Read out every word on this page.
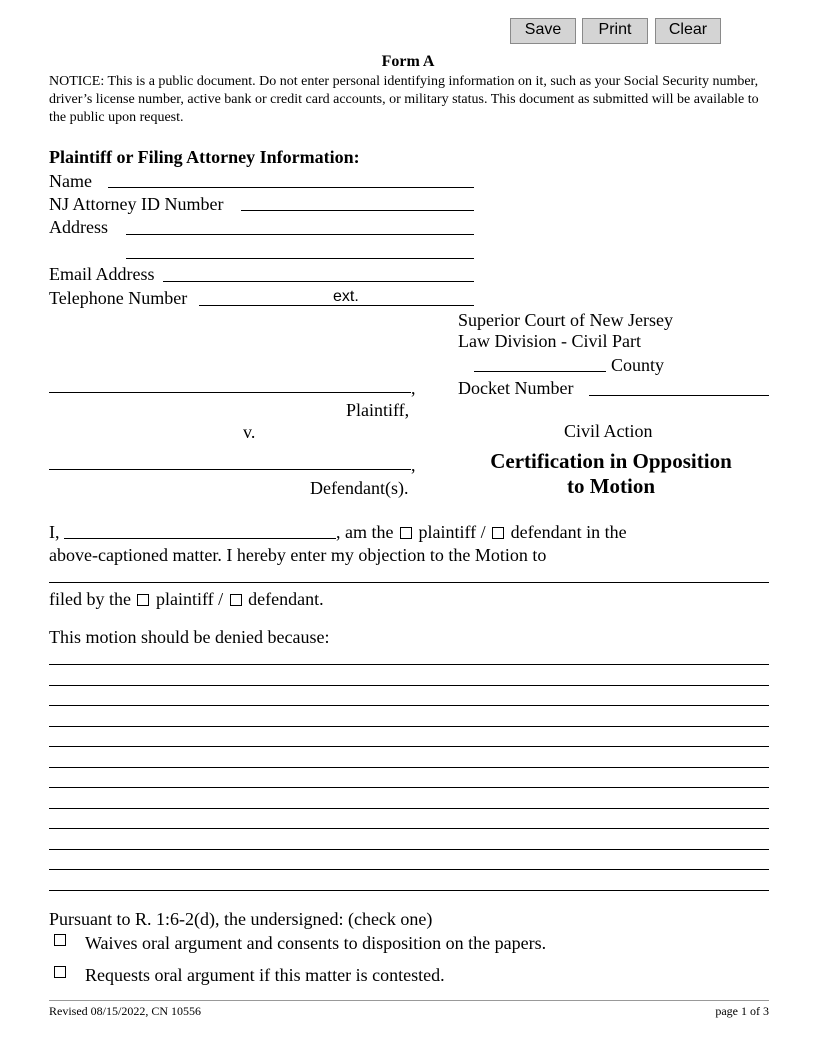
Save	Print	Clear
Form A
NOTICE: This is a public document. Do not enter personal identifying information on it, such as your Social Security number, driver’s license number, active bank or credit card accounts, or military status. This document as submitted will be available to the public upon request.
Plaintiff or Filing Attorney Information:
Name
NJ Attorney ID Number
Address
Email Address
Telephone Number	ext.
Superior Court of New Jersey
Law Division - Civil Part
County
Docket Number
Civil Action
,
Plaintiff,
v.
,
Defendant(s).
Certification in Opposition
to Motion
I,	, am the plaintiff / defendant in the
above-captioned matter. I hereby enter my objection to the Motion to
filed by the plaintiff / defendant.
This motion should be denied because:
Pursuant to R. 1:6-2(d), the undersigned: (check one)
Waives oral argument and consents to disposition on the papers.
Requests oral argument if this matter is contested.
Revised 08/15/2022, CN 10556	page 1 of 3
